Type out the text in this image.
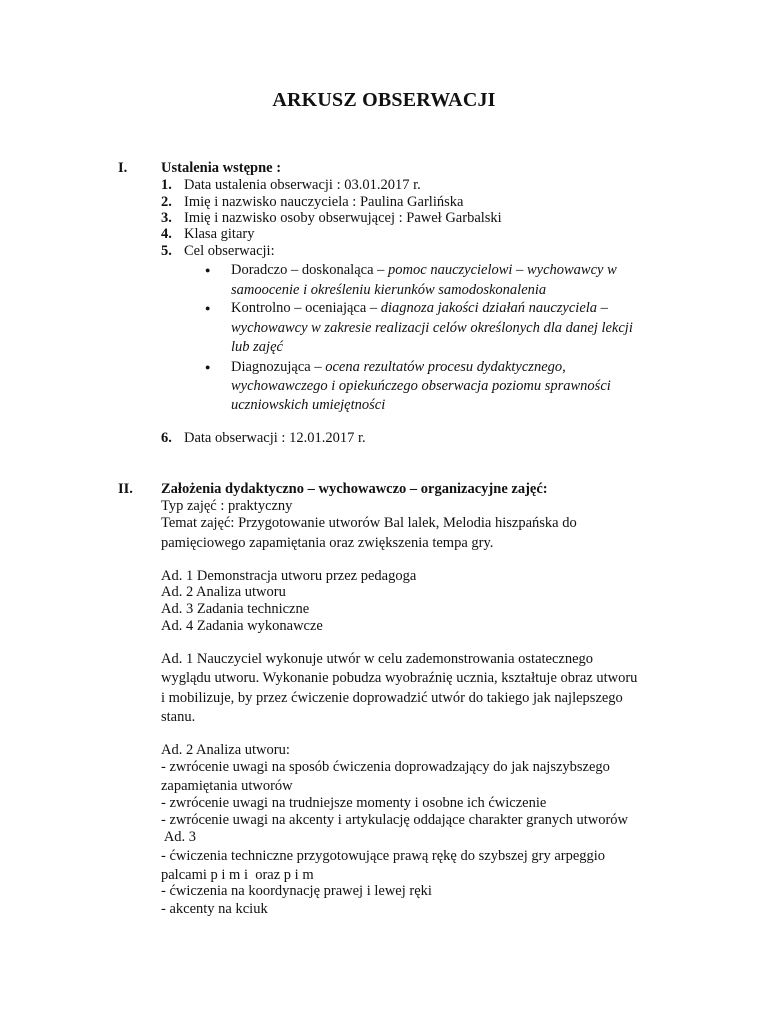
ARKUSZ OBSERWACJI
I. Ustalenia wstępne :
1. Data ustalenia obserwacji : 03.01.2017 r.
2. Imię i nazwisko nauczyciela : Paulina Garlińska
3. Imię i nazwisko osoby obserwującej : Paweł Garbalski
4. Klasa gitary
5. Cel obserwacji:
● Doradczo – doskonaląca – pomoc nauczycielowi – wychowawcy w
samoocenie i określeniu kierunków samodoskonalenia
● Kontrolno – oceniająca – diagnoza jakości działań nauczyciela –
wychowawcy w zakresie realizacji celów określonych dla danej lekcji
lub zajęć
● Diagnozująca – ocena rezultatów procesu dydaktycznego,
wychowawczego i opiekuńczego obserwacja poziomu sprawności
uczniowskich umiejętności
6. Data obserwacji : 12.01.2017 r.
II. Założenia dydaktyczno – wychowawczo – organizacyjne zajęć:
Typ zajęć : praktyczny
Temat zajęć: Przygotowanie utworów Bal lalek, Melodia hiszpańska do
pamięciowego zapamiętania oraz zwiększenia tempa gry.
Ad. 1 Demonstracja utworu przez pedagoga
Ad. 2 Analiza utworu
Ad. 3 Zadania techniczne
Ad. 4 Zadania wykonawcze
Ad. 1 Nauczyciel wykonuje utwór w celu zademonstrowania ostatecznego
wyglądu utworu. Wykonanie pobudza wyobraźnię ucznia, kształtuje obraz utworu
i mobilizuje, by przez ćwiczenie doprowadzić utwór do takiego jak najlepszego
stanu.
Ad. 2 Analiza utworu:
- zwrócenie uwagi na sposób ćwiczenia doprowadzający do jak najszybszego
zapamiętania utworów
- zwrócenie uwagi na trudniejsze momenty i osobne ich ćwiczenie
- zwrócenie uwagi na akcenty i artykulację oddające charakter granych utworów
Ad. 3
- ćwiczenia techniczne przygotowujące prawą rękę do szybszej gry arpeggio
palcami p i m i  oraz p i m
- ćwiczenia na koordynację prawej i lewej ręki
- akcenty na kciuk
